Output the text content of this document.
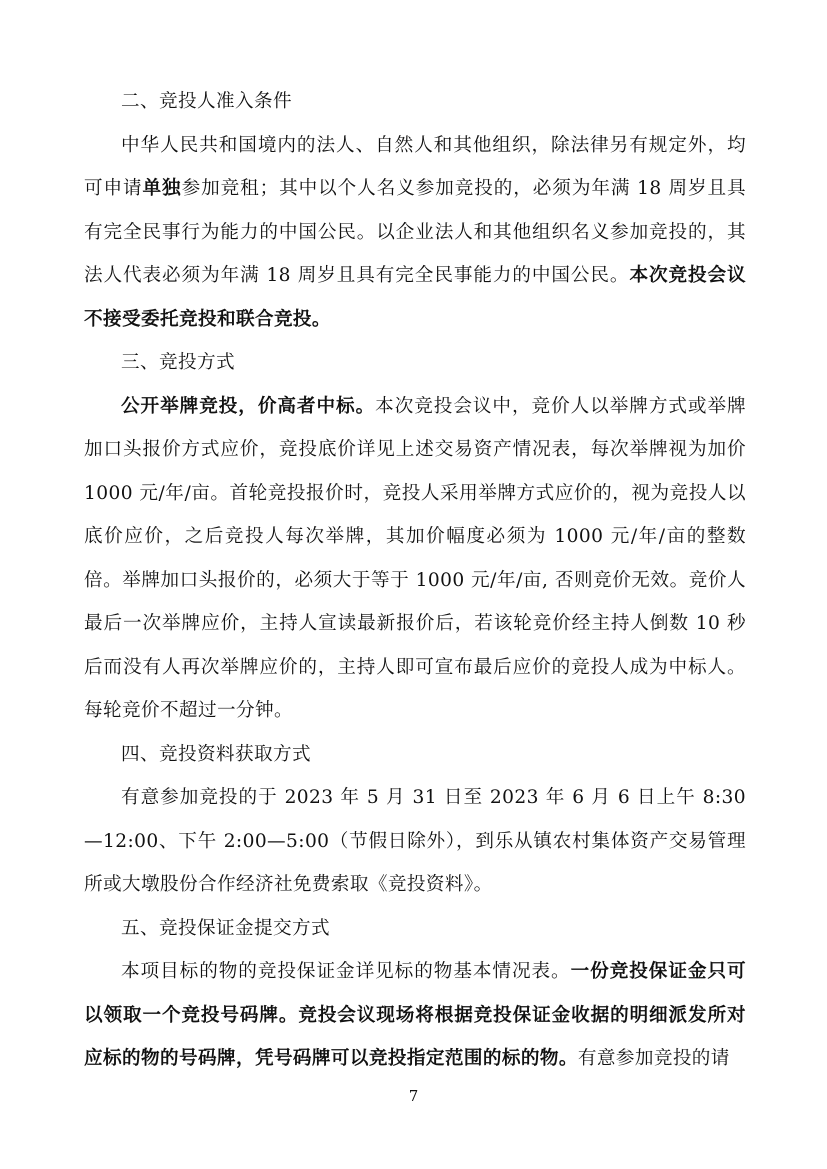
二、竞投人准入条件

中华人民共和国境内的法人、自然人和其他组织，除法律另有规定外，均可申请单独参加竞租；其中以个人名义参加竞投的，必须为年满 18 周岁且具有完全民事行为能力的中国公民。以企业法人和其他组织名义参加竞投的，其法人代表必须为年满 18 周岁且具有完全民事能力的中国公民。本次竞投会议不接受委托竞投和联合竞投。

三、竞投方式

公开举牌竞投，价高者中标。本次竞投会议中，竞价人以举牌方式或举牌加口头报价方式应价，竞投底价详见上述交易资产情况表，每次举牌视为加价 1000 元/年/亩。首轮竞投报价时，竞投人采用举牌方式应价的，视为竞投人以底价应价，之后竞投人每次举牌，其加价幅度必须为 1000 元/年/亩的整数倍。举牌加口头报价的，必须大于等于 1000 元/年/亩, 否则竞价无效。竞价人最后一次举牌应价，主持人宣读最新报价后，若该轮竞价经主持人倒数 10 秒后而没有人再次举牌应价的，主持人即可宣布最后应价的竞投人成为中标人。每轮竞价不超过一分钟。

四、竞投资料获取方式

有意参加竞投的于 2023 年 5 月 31 日至 2023 年 6 月 6 日上午 8:30—12:00、下午 2:00—5:00（节假日除外），到乐从镇农村集体资产交易管理所或大墩股份合作经济社免费索取《竞投资料》。

五、竞投保证金提交方式

本项目标的物的竞投保证金详见标的物基本情况表。一份竞投保证金只可以领取一个竞投号码牌。竞投会议现场将根据竞投保证金收据的明细派发所对应标的物的号码牌，凭号码牌可以竞投指定范围的标的物。有意参加竞投的请

7
